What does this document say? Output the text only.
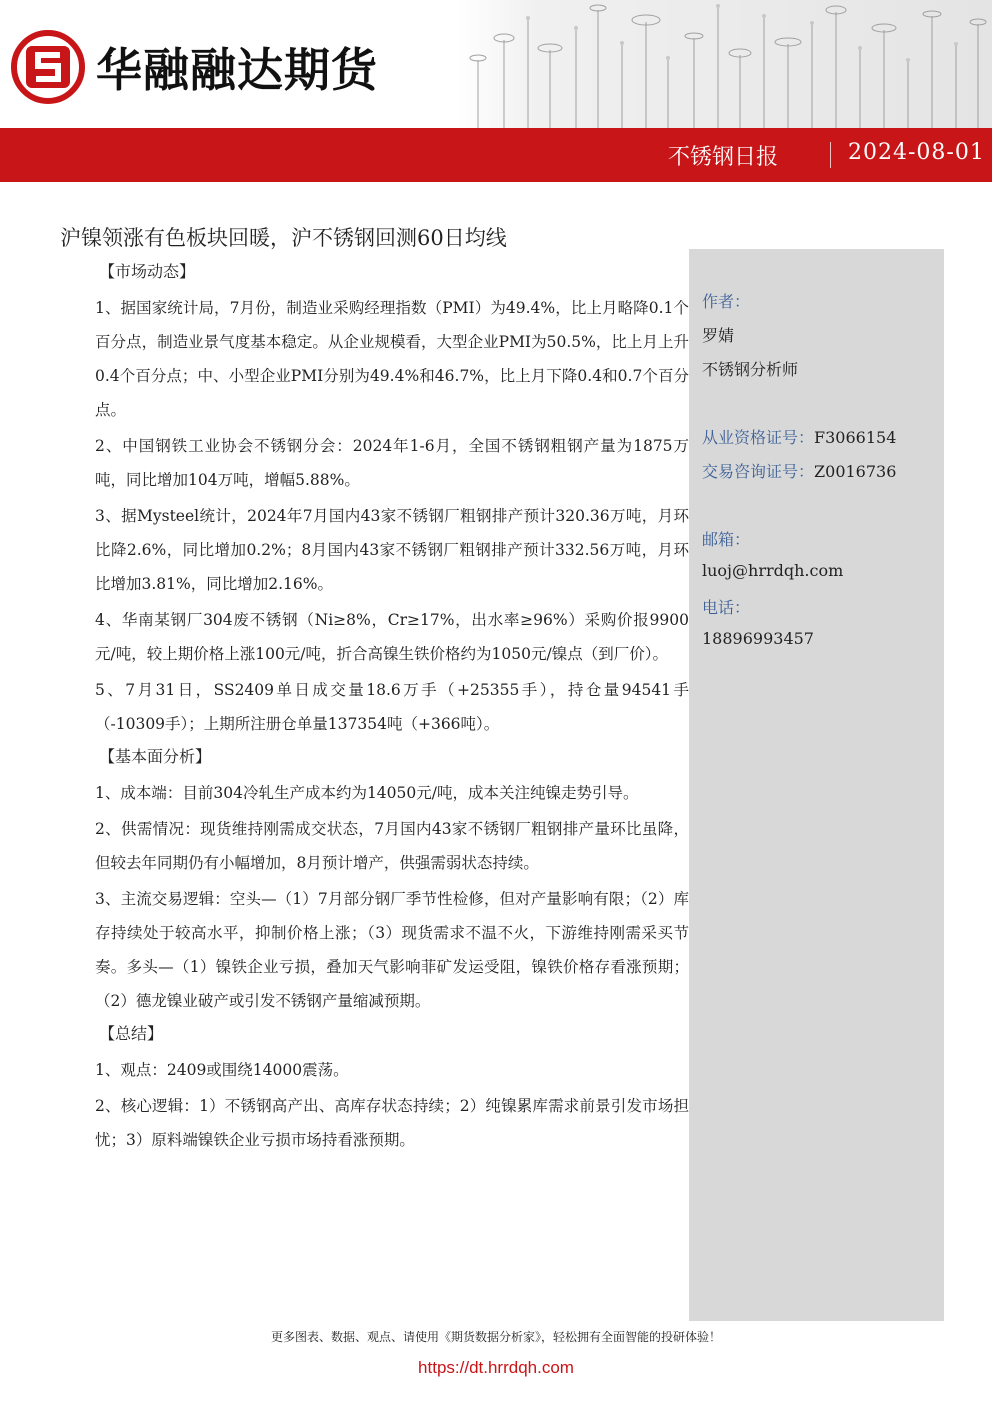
华融融达期货
不锈钢日报	2024-08-01
沪镍领涨有色板块回暖，沪不锈钢回测60日均线
【市场动态】

1、据国家统计局，7月份，制造业采购经理指数（PMI）为49.4%，比上月略降0.1个百分点，制造业景气度基本稳定。从企业规模看，大型企业PMI为50.5%，比上月上升0.4个百分点；中、小型企业PMI分别为49.4%和46.7%，比上月下降0.4和0.7个百分点。

2、中国钢铁工业协会不锈钢分会：2024年1-6月，全国不锈钢粗钢产量为1875万吨，同比增加104万吨，增幅5.88%。

3、据Mysteel统计，2024年7月国内43家不锈钢厂粗钢排产预计320.36万吨，月环比降2.6%，同比增加0.2%；8月国内43家不锈钢厂粗钢排产预计332.56万吨，月环比增加3.81%，同比增加2.16%。

4、华南某钢厂304废不锈钢（Ni≥8%，Cr≥17%，出水率≥96%）采购价报9900元/吨，较上期价格上涨100元/吨，折合高镍生铁价格约为1050元/镍点（到厂价）。

5、7月31日，SS2409单日成交量18.6万手（+25355手），持仓量94541手（-10309手）；上期所注册仓单量137354吨（+366吨）。

【基本面分析】

1、成本端：目前304冷轧生产成本约为14050元/吨，成本关注纯镍走势引导。

2、供需情况：现货维持刚需成交状态，7月国内43家不锈钢厂粗钢排产量环比虽降，但较去年同期仍有小幅增加，8月预计增产，供强需弱状态持续。

3、主流交易逻辑：空头—（1）7月部分钢厂季节性检修，但对产量影响有限；（2）库存持续处于较高水平，抑制价格上涨；（3）现货需求不温不火，下游维持刚需采买节奏。多头—（1）镍铁企业亏损，叠加天气影响菲矿发运受阻，镍铁价格存看涨预期；（2）德龙镍业破产或引发不锈钢产量缩减预期。

【总结】

1、观点：2409或围绕14000震荡。

2、核心逻辑：1）不锈钢高产出、高库存状态持续；2）纯镍累库需求前景引发市场担忧；3）原料端镍铁企业亏损市场持看涨预期。

作者：
罗婧
不锈钢分析师
从业资格证号：F3066154
交易咨询证号：Z0016736
邮箱：
luoj@hrrdqh.com
电话：
18896993457
更多图表、数据、观点、请使用《期货数据分析家》，轻松拥有全面智能的投研体验！
https://dt.hrrdqh.com
